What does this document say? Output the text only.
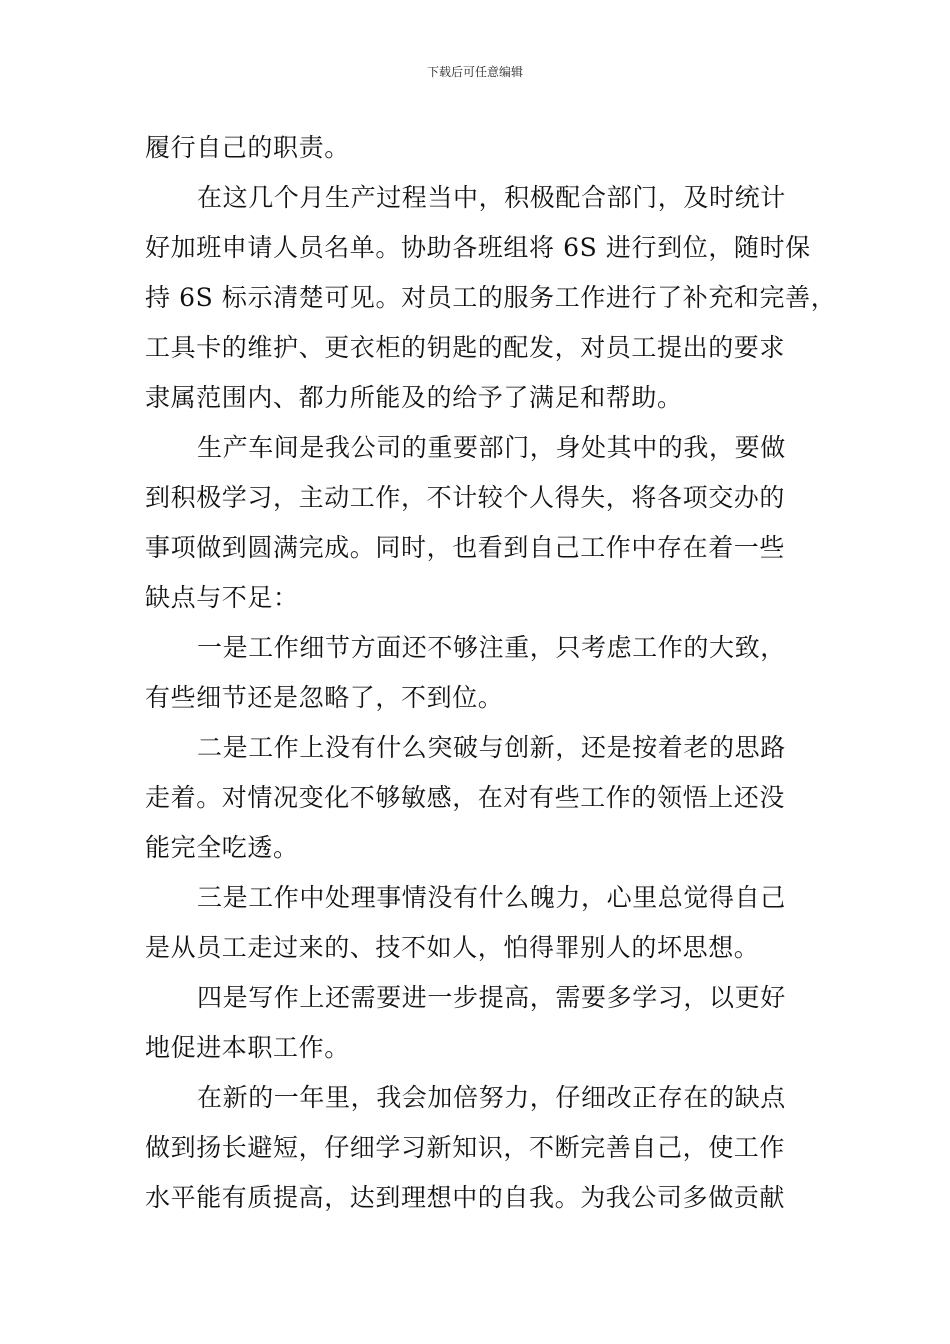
下载后可任意编辑

履行自己的职责。

在这几个月生产过程当中，积极配合部门，及时统计
好加班申请人员名单。协助各班组将 6S 进行到位，随时保
持 6S 标示清楚可见。对员工的服务工作进行了补充和完善，
工具卡的维护、更衣柜的钥匙的配发，对员工提出的要求
隶属范围内、都力所能及的给予了满足和帮助。

生产车间是我公司的重要部门，身处其中的我，要做
到积极学习，主动工作，不计较个人得失，将各项交办的
事项做到圆满完成。同时，也看到自己工作中存在着一些
缺点与不足：

一是工作细节方面还不够注重，只考虑工作的大致，
有些细节还是忽略了，不到位。

二是工作上没有什么突破与创新，还是按着老的思路
走着。对情况变化不够敏感，在对有些工作的领悟上还没
能完全吃透。

三是工作中处理事情没有什么魄力，心里总觉得自己
是从员工走过来的、技不如人，怕得罪别人的坏思想。

四是写作上还需要进一步提高，需要多学习，以更好
地促进本职工作。

在新的一年里，我会加倍努力，仔细改正存在的缺点
做到扬长避短，仔细学习新知识，不断完善自己，使工作
水平能有质提高，达到理想中的自我。为我公司多做贡献
